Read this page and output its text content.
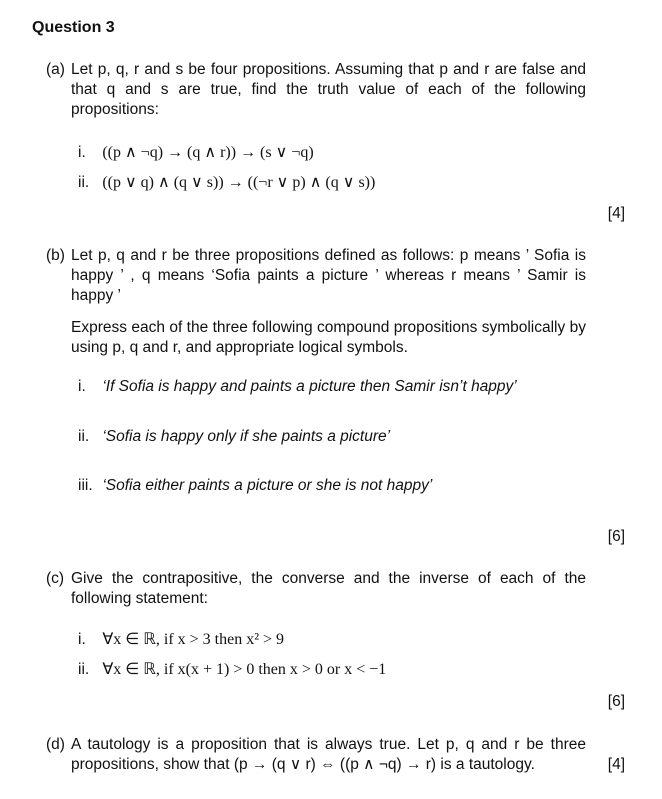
Question 3
(a) Let p, q, r and s be four propositions. Assuming that p and r are false and that q and s are true, find the truth value of each of the following propositions:
i. ((p ∧ ¬q) → (q ∧ r)) → (s ∨ ¬q)
ii. ((p ∨ q) ∧ (q ∨ s)) → ((¬r ∨ p) ∧ (q ∨ s))
[4]
(b) Let p, q and r be three propositions defined as follows: p means ’ Sofia is happy ’ , q means ‘Sofia paints a picture ’ whereas r means ’ Samir is happy ’
Express each of the three following compound propositions symbolically by using p, q and r, and appropriate logical symbols.
i. ‘If Sofia is happy and paints a picture then Samir isn’t happy’
ii. ‘Sofia is happy only if she paints a picture’
iii. ‘Sofia either paints a picture or she is not happy’
[6]
(c) Give the contrapositive, the converse and the inverse of each of the following statement:
i. ∀x ∈ ℝ, if x > 3 then x² > 9
ii. ∀x ∈ ℝ, if x(x + 1) > 0 then x > 0 or x < −1
[6]
(d) A tautology is a proposition that is always true. Let p, q and r be three propositions, show that (p → (q ∨ r) ⇔ ((p ∧ ¬q) → r) is a tautology.	[4]
